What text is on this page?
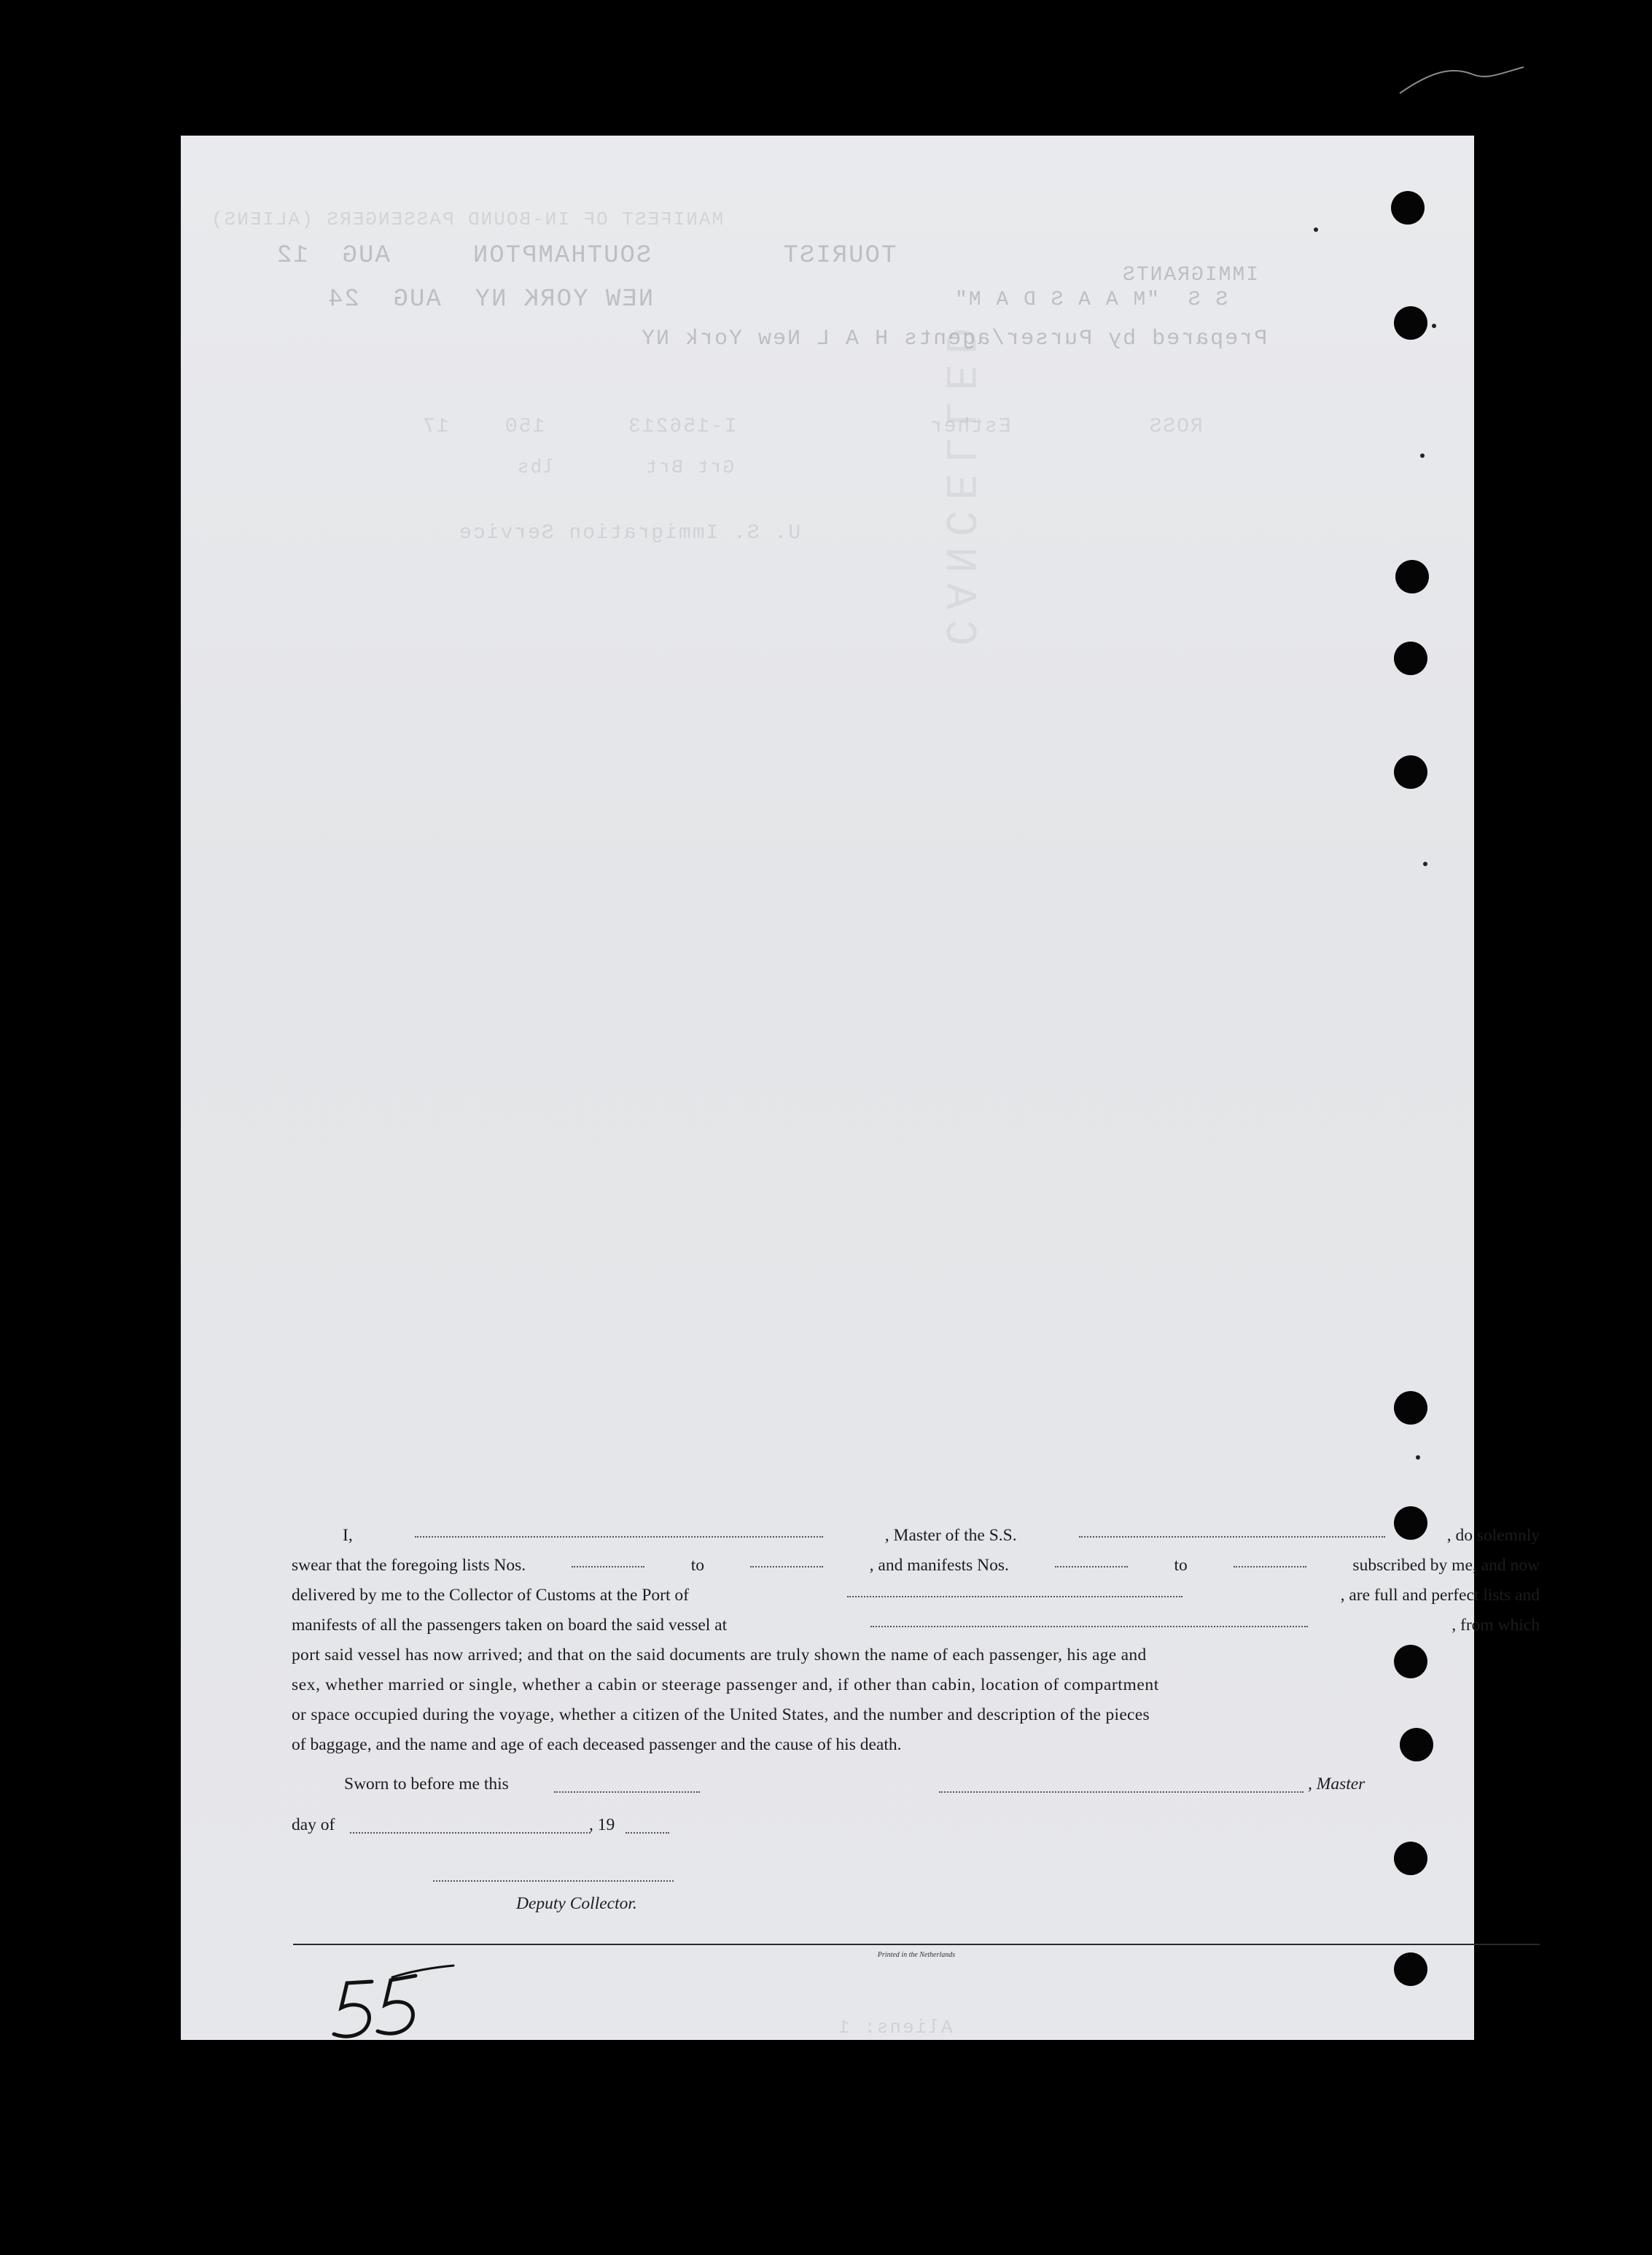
MANIFEST OF IN-BOUND PASSENGERS (ALIENS)
TOURIST        SOUTHAMPTON     AUG  12
NEW YORK NY  AUG  24
IMMIGRANTS
S S  "M A A S D A M"
Prepared by Purser/agents H A L New York NY
ROSS          Esther              I-156213      150    17
Grt Brt       lbs
U. S. Immigration Service
Aliens: 1
CANCELLED
I,	, Master of the S.S.	, do solemnly
swear that the foregoing lists Nos.	to	, and manifests Nos.	to	subscribed by me, and now
delivered by me to the Collector of Customs at the Port of	, are full and perfect lists and
manifests of all the passengers taken on board the said vessel at	, from which
port said vessel has now arrived; and that on the said documents are truly shown the name of each passenger, his age and
sex, whether married or single, whether a cabin or steerage passenger and, if other than cabin, location of compartment
or space occupied during the voyage, whether a citizen of the United States, and the number and description of the pieces
of baggage, and the name and age of each deceased passenger and the cause of his death.
Sworn to before me this	, Master
day of	, 19
Deputy Collector.
Printed in the Netherlands
